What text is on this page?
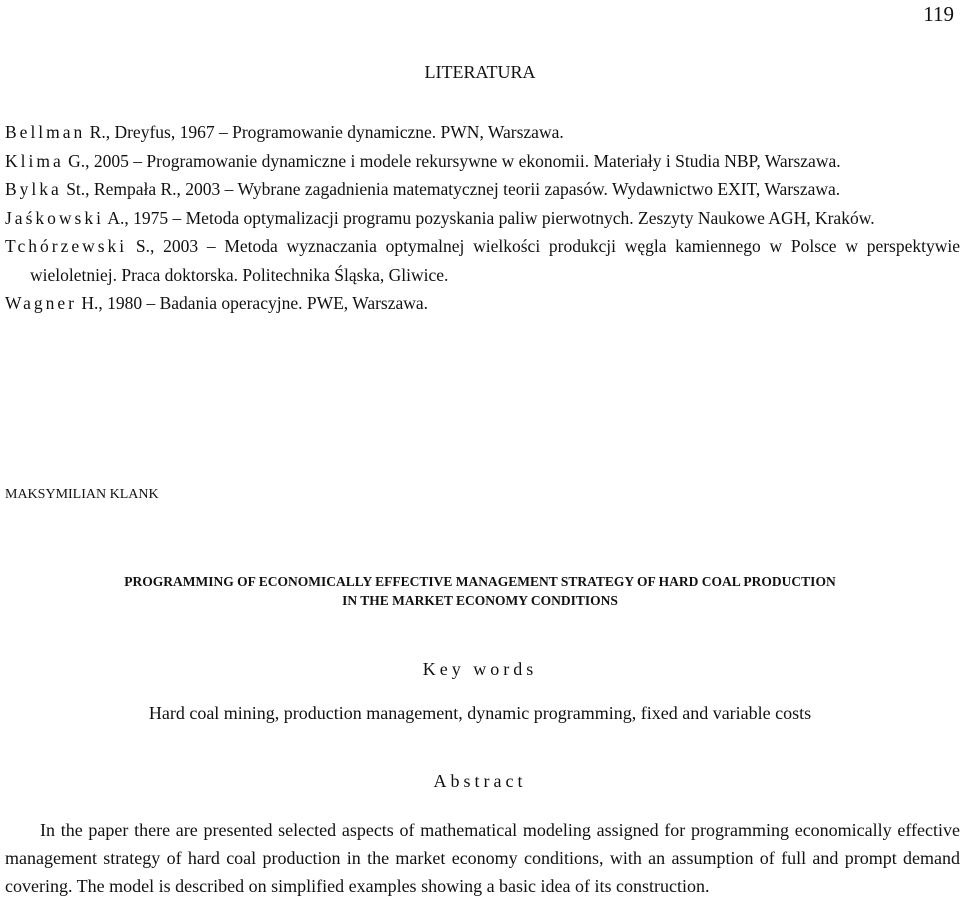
119
LITERATURA
Bellman R., Dreyfus, 1967 – Programowanie dynamiczne. PWN, Warszawa.
Klima G., 2005 – Programowanie dynamiczne i modele rekursywne w ekonomii. Materiały i Studia NBP, Warszawa.
Bylka St., Rempała R., 2003 – Wybrane zagadnienia matematycznej teorii zapasów. Wydawnictwo EXIT, Warszawa.
Jaśkowski A., 1975 – Metoda optymalizacji programu pozyskania paliw pierwotnych. Zeszyty Naukowe AGH, Kraków.
Tchórzewski S., 2003 – Metoda wyznaczania optymalnej wielkości produkcji węgla kamiennego w Polsce w perspektywie wieloletniej. Praca doktorska. Politechnika Śląska, Gliwice.
Wagner H., 1980 – Badania operacyjne. PWE, Warszawa.
MAKSYMILIAN KLANK
PROGRAMMING OF ECONOMICALLY EFFECTIVE MANAGEMENT STRATEGY OF HARD COAL PRODUCTION
IN THE MARKET ECONOMY CONDITIONS
Key words
Hard coal mining, production management, dynamic programming, fixed and variable costs
Abstract
In the paper there are presented selected aspects of mathematical modeling assigned for programming economically effective management strategy of hard coal production in the market economy conditions, with an assumption of full and prompt demand covering. The model is described on simplified examples showing a basic idea of its construction.
